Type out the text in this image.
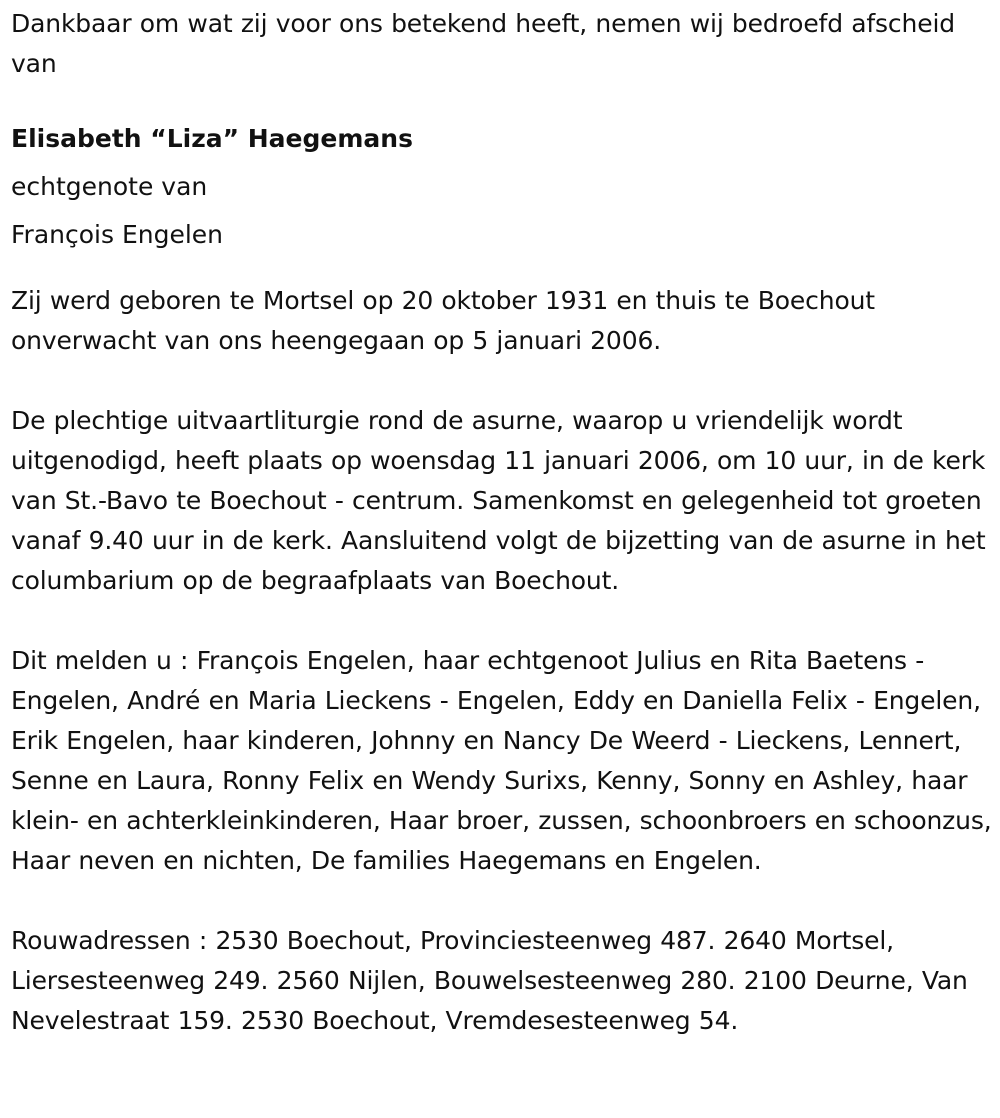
Dankbaar om wat zij voor ons betekend heeft, nemen wij bedroefd afscheid van

Elisabeth “Liza” Haegemans

echtgenote van

François Engelen

Zij werd geboren te Mortsel op 20 oktober 1931 en thuis te Boechout onverwacht van ons heengegaan op 5 januari 2006.

De plechtige uitvaartliturgie rond de asurne, waarop u vriendelijk wordt uitgenodigd, heeft plaats op woensdag 11 januari 2006, om 10 uur, in de kerk van St.-Bavo te Boechout - centrum. Samenkomst en gelegenheid tot groeten vanaf 9.40 uur in de kerk. Aansluitend volgt de bijzetting van de asurne in het columbarium op de begraafplaats van Boechout.

Dit melden u : François Engelen, haar echtgenoot Julius en Rita Baetens - Engelen, André en Maria Lieckens - Engelen, Eddy en Daniella Felix - Engelen, Erik Engelen, haar kinderen, Johnny en Nancy De Weerd - Lieckens, Lennert, Senne en Laura, Ronny Felix en Wendy Surixs, Kenny, Sonny en Ashley, haar klein- en achterkleinkinderen, Haar broer, zussen, schoonbroers en schoonzus, Haar neven en nichten, De families Haegemans en Engelen.

Rouwadressen : 2530 Boechout, Provinciesteenweg 487. 2640 Mortsel, Liersesteenweg 249. 2560 Nijlen, Bouwelsesteenweg 280. 2100 Deurne, Van Nevelestraat 159. 2530 Boechout, Vremdesesteenweg 54.
